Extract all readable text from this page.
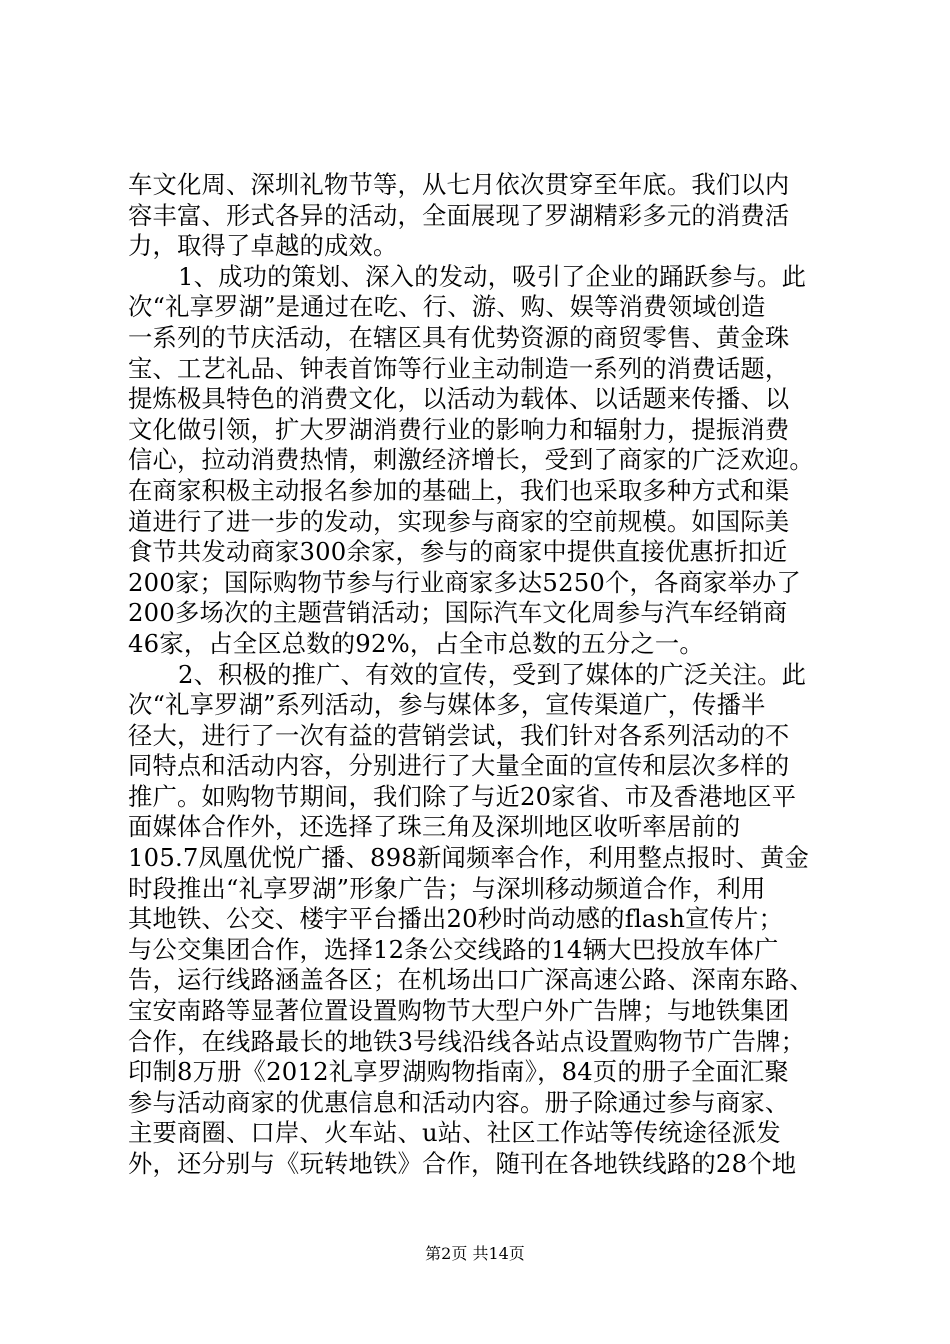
车文化周、深圳礼物节等，从七月依次贯穿至年底。我们以内
容丰富、形式各异的活动，全面展现了罗湖精彩多元的消费活
力，取得了卓越的成效。
1、成功的策划、深入的发动，吸引了企业的踊跃参与。此
次“礼享罗湖”是通过在吃、行、游、购、娱等消费领域创造
一系列的节庆活动，在辖区具有优势资源的商贸零售、黄金珠
宝、工艺礼品、钟表首饰等行业主动制造一系列的消费话题，
提炼极具特色的消费文化，以活动为载体、以话题来传播、以
文化做引领，扩大罗湖消费行业的影响力和辐射力，提振消费
信心，拉动消费热情，刺激经济增长，受到了商家的广泛欢迎。
在商家积极主动报名参加的基础上，我们也采取多种方式和渠
道进行了进一步的发动，实现参与商家的空前规模。如国际美
食节共发动商家300余家，参与的商家中提供直接优惠折扣近
200家；国际购物节参与行业商家多达5250个，各商家举办了
200多场次的主题营销活动；国际汽车文化周参与汽车经销商
46家，占全区总数的92%，占全市总数的五分之一。
2、积极的推广、有效的宣传，受到了媒体的广泛关注。此
次“礼享罗湖”系列活动，参与媒体多，宣传渠道广，传播半
径大，进行了一次有益的营销尝试，我们针对各系列活动的不
同特点和活动内容，分别进行了大量全面的宣传和层次多样的
推广。如购物节期间，我们除了与近20家省、市及香港地区平
面媒体合作外，还选择了珠三角及深圳地区收听率居前的
105.7凤凰优悦广播、898新闻频率合作，利用整点报时、黄金
时段推出“礼享罗湖”形象广告；与深圳移动频道合作，利用
其地铁、公交、楼宇平台播出20秒时尚动感的flash宣传片；
与公交集团合作，选择12条公交线路的14辆大巴投放车体广
告，运行线路涵盖各区；在机场出口广深高速公路、深南东路、
宝安南路等显著位置设置购物节大型户外广告牌；与地铁集团
合作，在线路最长的地铁3号线沿线各站点设置购物节广告牌；
印制8万册《2012礼享罗湖购物指南》，84页的册子全面汇聚
参与活动商家的优惠信息和活动内容。册子除通过参与商家、
主要商圈、口岸、火车站、u站、社区工作站等传统途径派发
外，还分别与《玩转地铁》合作，随刊在各地铁线路的28个地
第2页 共14页
